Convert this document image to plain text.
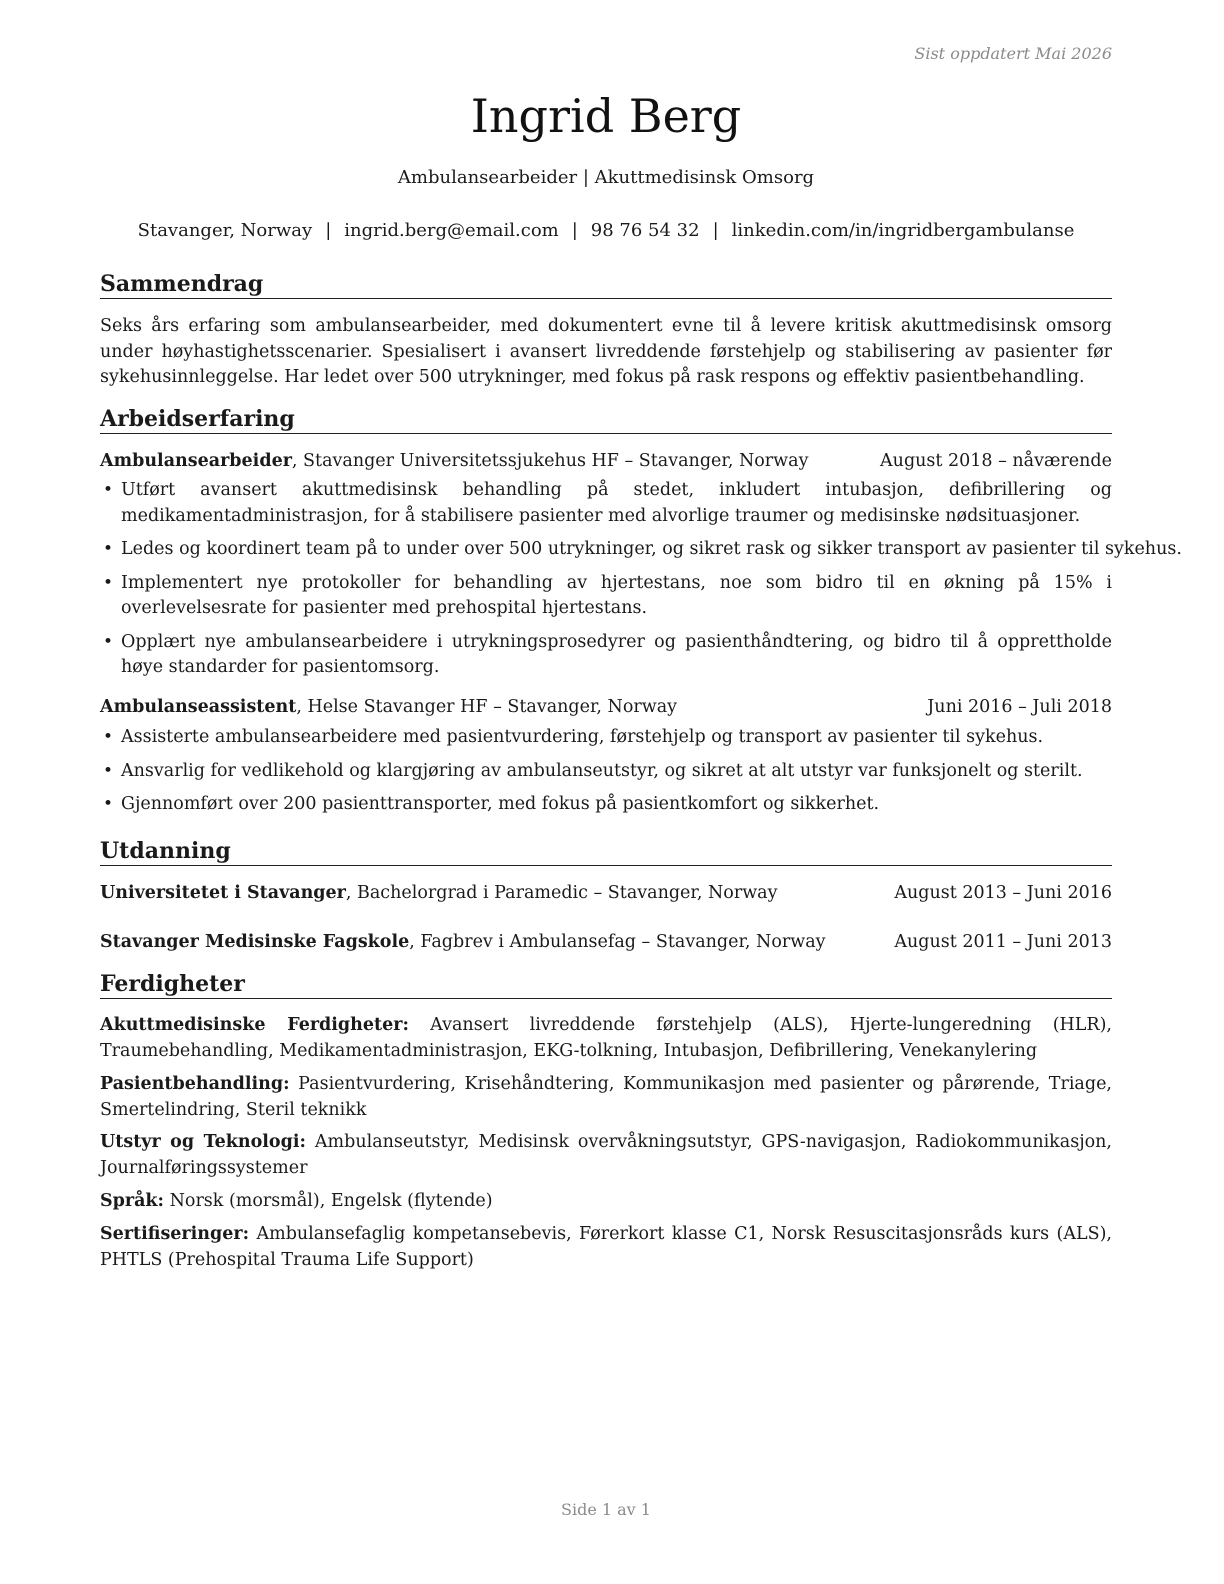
Sist oppdatert Mai 2026
Ingrid Berg
Ambulansearbeider | Akuttmedisinsk Omsorg
Stavanger, Norway | ingrid.berg@email.com | 98 76 54 32 | linkedin.com/in/ingridbergambulanse
Sammendrag
Seks års erfaring som ambulansearbeider, med dokumentert evne til å levere kritisk akuttmedisinsk omsorg under høyhastighetsscenarier. Spesialisert i avansert livreddende førstehjelp og stabilisering av pasienter før sykehusinnleggelse. Har ledet over 500 utrykninger, med fokus på rask respons og effektiv pasientbehandling.
Arbeidserfaring
Ambulansearbeider, Stavanger Universitetssjukehus HF – Stavanger, Norway	August 2018 – nåværende
• Utført avansert akuttmedisinsk behandling på stedet, inkludert intubasjon, defibrillering og medikamentadministrasjon, for å stabilisere pasienter med alvorlige traumer og medisinske nødsituasjoner.
• Ledes og koordinert team på to under over 500 utrykninger, og sikret rask og sikker transport av pasienter til sykehus.
• Implementert nye protokoller for behandling av hjertestans, noe som bidro til en økning på 15% i overlevelsesrate for pasienter med prehospital hjertestans.
• Opplært nye ambulansearbeidere i utrykningsprosedyrer og pasienthåndtering, og bidro til å opprettholde høye standarder for pasientomsorg.
Ambulanseassistent, Helse Stavanger HF – Stavanger, Norway	Juni 2016 – Juli 2018
• Assisterte ambulansearbeidere med pasientvurdering, førstehjelp og transport av pasienter til sykehus.
• Ansvarlig for vedlikehold og klargjøring av ambulanseutstyr, og sikret at alt utstyr var funksjonelt og sterilt.
• Gjennomført over 200 pasienttransporter, med fokus på pasientkomfort og sikkerhet.
Utdanning
Universitetet i Stavanger, Bachelorgrad i Paramedic – Stavanger, Norway	August 2013 – Juni 2016
Stavanger Medisinske Fagskole, Fagbrev i Ambulansefag – Stavanger, Norway	August 2011 – Juni 2013
Ferdigheter
Akuttmedisinske Ferdigheter: Avansert livreddende førstehjelp (ALS), Hjerte-lungeredning (HLR), Traumebehandling, Medikamentadministrasjon, EKG-tolkning, Intubasjon, Defibrillering, Venekanylering
Pasientbehandling: Pasientvurdering, Krisehåndtering, Kommunikasjon med pasienter og pårørende, Triage, Smertelindring, Steril teknikk
Utstyr og Teknologi: Ambulanseutstyr, Medisinsk overvåkningsutstyr, GPS-navigasjon, Radiokommunikasjon, Journalføringssystemer
Språk: Norsk (morsmål), Engelsk (flytende)
Sertifiseringer: Ambulansefaglig kompetansebevis, Førerkort klasse C1, Norsk Resuscitasjonsråds kurs (ALS), PHTLS (Prehospital Trauma Life Support)
Side 1 av 1
